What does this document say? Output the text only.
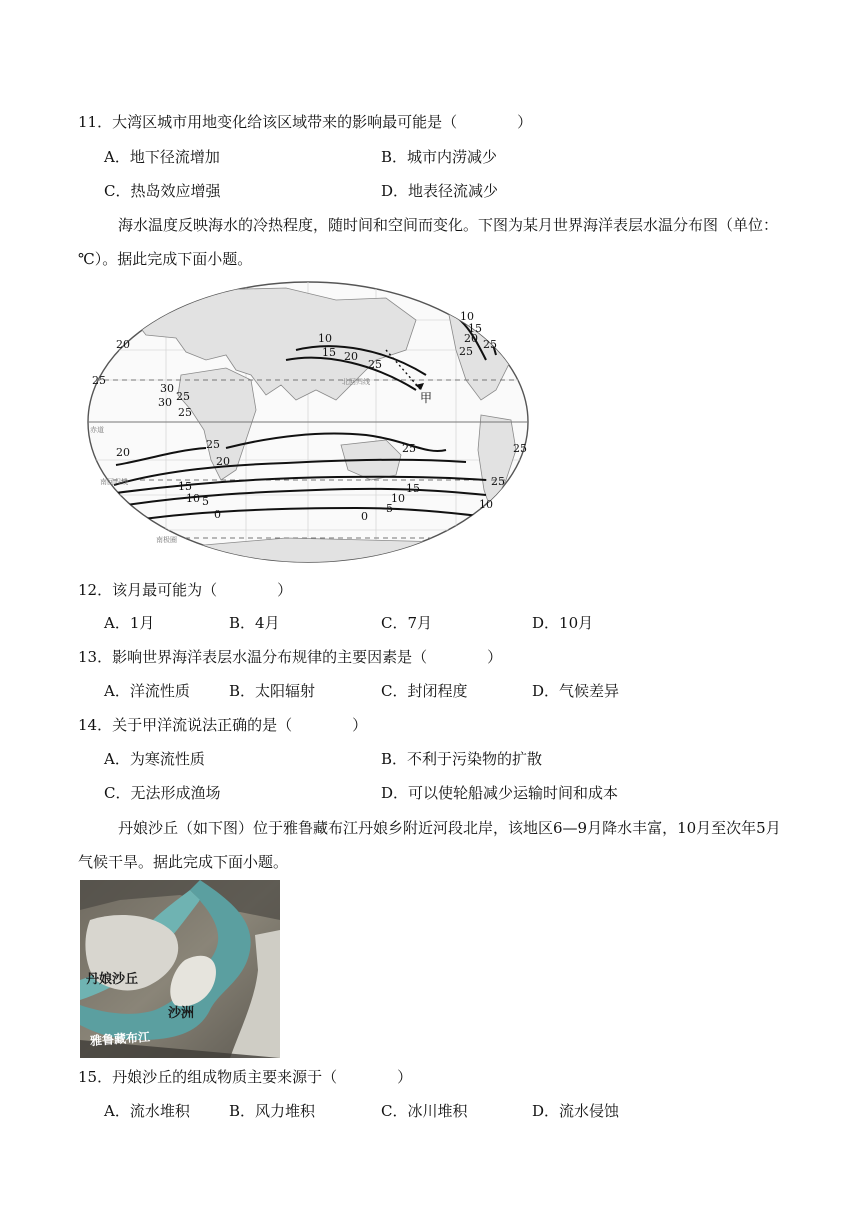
11．大湾区城市用地变化给该区域带来的影响最可能是（　　　　）
A．地下径流增加	B．城市内涝减少
C．热岛效应增强	D．地表径流减少
海水温度反映海水的冷热程度，随时间和空间而变化。下图为某月世界海洋表层水温分布图（单位：℃）。据此完成下面小题。
10
15 20
25
25
30
30 25
25
20
20
15
10 5
0	0
5
10
15
20
25	25	25
10
25
10
15
20
25
25
北回归线
赤道
南回归线
南极圈
甲
12．该月最可能为（　　　　）
A．1月	B．4月	C．7月	D．10月
13．影响世界海洋表层水温分布规律的主要因素是（　　　　）
A．洋流性质	B．太阳辐射	C．封闭程度	D．气候差异
14．关于甲洋流说法正确的是（　　　　）
A．为寒流性质	B．不利于污染物的扩散
C．无法形成渔场	D．可以使轮船减少运输时间和成本
丹娘沙丘（如下图）位于雅鲁藏布江丹娘乡附近河段北岸，该地区6—9月降水丰富，10月至次年5月气候干旱。据此完成下面小题。
丹娘沙丘
沙洲
雅鲁藏布江
15．丹娘沙丘的组成物质主要来源于（　　　　）
A．流水堆积	B．风力堆积	C．冰川堆积	D．流水侵蚀
